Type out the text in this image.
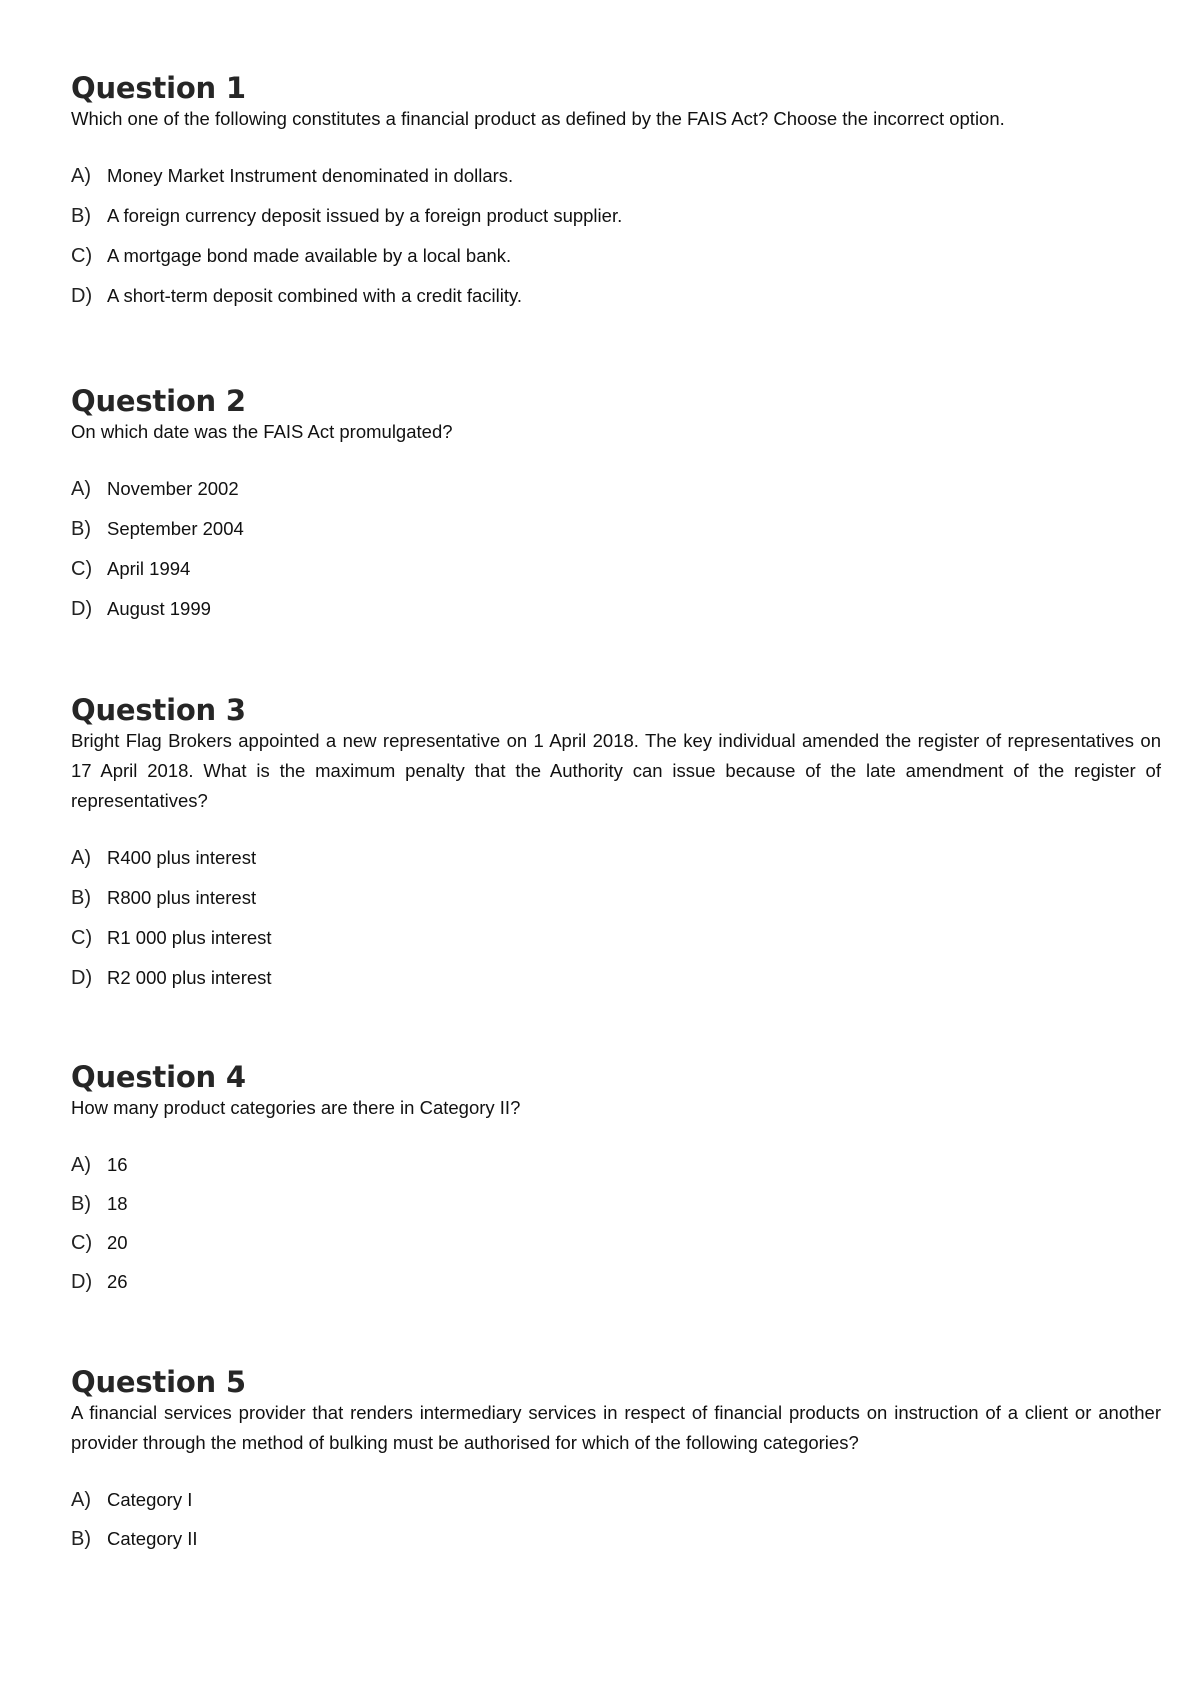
Question 1

Which one of the following constitutes a financial product as defined by the FAIS Act? Choose the incorrect option.

A) Money Market Instrument denominated in dollars.
B) A foreign currency deposit issued by a foreign product supplier.
C) A mortgage bond made available by a local bank.
D) A short-term deposit combined with a credit facility.
Question 2

On which date was the FAIS Act promulgated?

A) November 2002
B) September 2004
C) April 1994
D) August 1999
Question 3

Bright Flag Brokers appointed a new representative on 1 April 2018. The key individual amended the register of representatives on 17 April 2018. What is the maximum penalty that the Authority can issue because of the late amendment of the register of representatives?

A) R400 plus interest
B) R800 plus interest
C) R1 000 plus interest
D) R2 000 plus interest
Question 4

How many product categories are there in Category II?

A) 16
B) 18
C) 20
D) 26
Question 5

A financial services provider that renders intermediary services in respect of financial products on instruction of a client or another provider through the method of bulking must be authorised for which of the following categories?

A) Category I
B) Category II
